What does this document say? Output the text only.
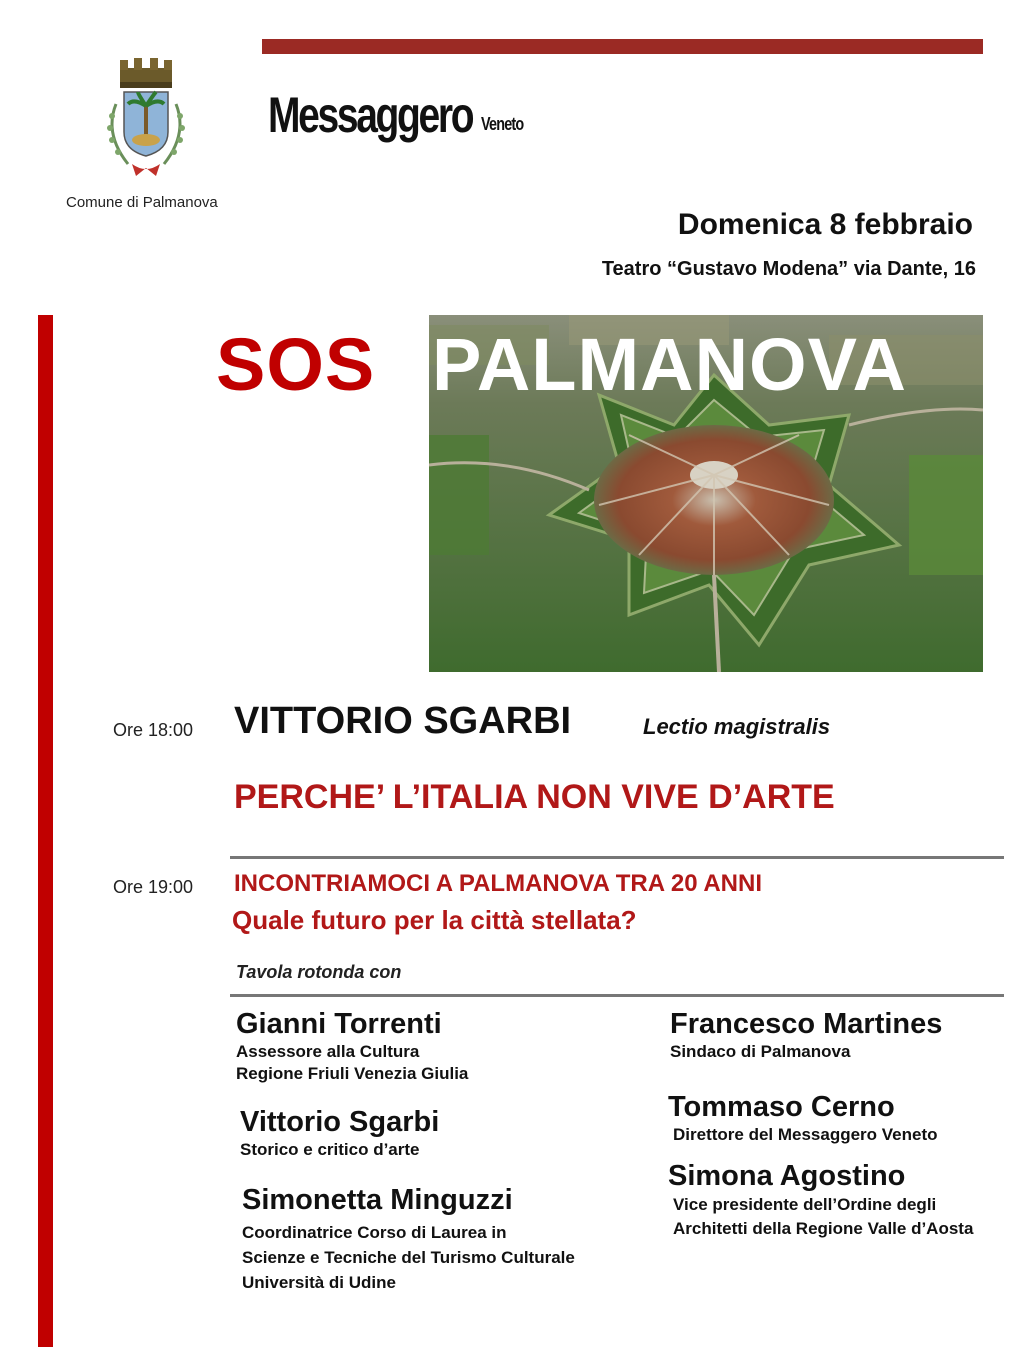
Comune di Palmanova
Messaggero Veneto
Domenica 8 febbraio
Teatro “Gustavo Modena” via Dante, 16
SOS PALMANOVA
Ore 18:00 VITTORIO SGARBI	Lectio magistralis
PERCHE’ L’ITALIA NON VIVE D’ARTE
Ore 19:00 INCONTRIAMOCI A PALMANOVA TRA 20 ANNI
Quale futuro per la città stellata?
Tavola rotonda con
Gianni Torrenti
Assessore alla Cultura
Regione Friuli Venezia Giulia
Vittorio Sgarbi
Storico e critico d’arte
Simonetta Minguzzi
Coordinatrice Corso di Laurea in
Scienze e Tecniche del Turismo Culturale
Università di Udine
Francesco Martines
Sindaco di Palmanova
Tommaso Cerno
Direttore del Messaggero Veneto
Simona Agostino
Vice presidente dell’Ordine degli
Architetti della Regione Valle d’Aosta
